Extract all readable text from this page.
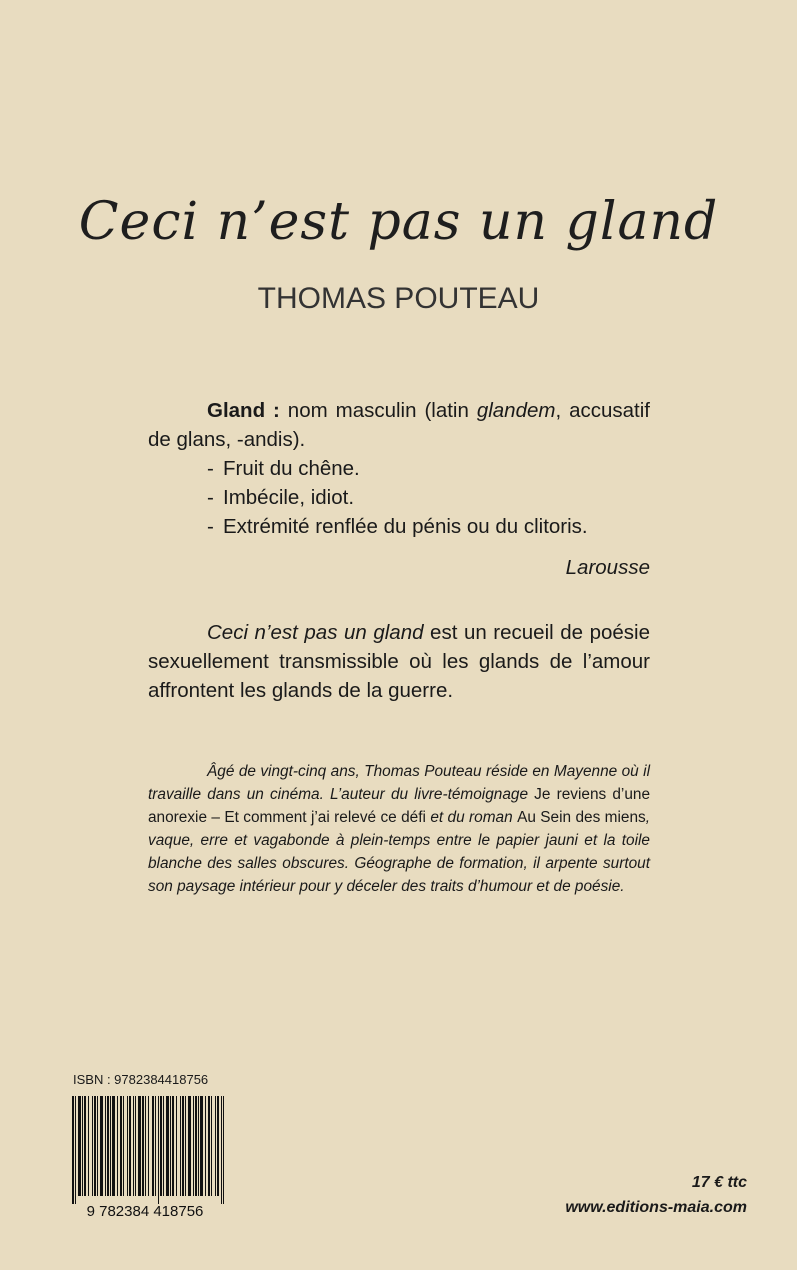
Ceci n’est pas un gland
THOMAS POUTEAU

Gland : nom masculin (latin glandem, accusatif de glans, -andis).

- Fruit du chêne.
- Imbécile, idiot.
- Extrémité renflée du pénis ou du clitoris.
Larousse
Ceci n’est pas un gland est un recueil de poésie sexuellement transmissible où les glands de l’amour affrontent les glands de la guerre.
Âgé de vingt-cinq ans, Thomas Pouteau réside en Mayenne où il travaille dans un cinéma. L’auteur du livre-témoignage Je reviens d’une anorexie – Et comment j’ai relevé ce défi et du roman Au Sein des miens, vaque, erre et vagabonde à plein-temps entre le papier jauni et la toile blanche des salles obscures. Géographe de formation, il arpente surtout son paysage intérieur pour y déceler des traits d’humour et de poésie.
ISBN : 9782384418756
9 782384 418756
17 € ttc
www.editions-maia.com
